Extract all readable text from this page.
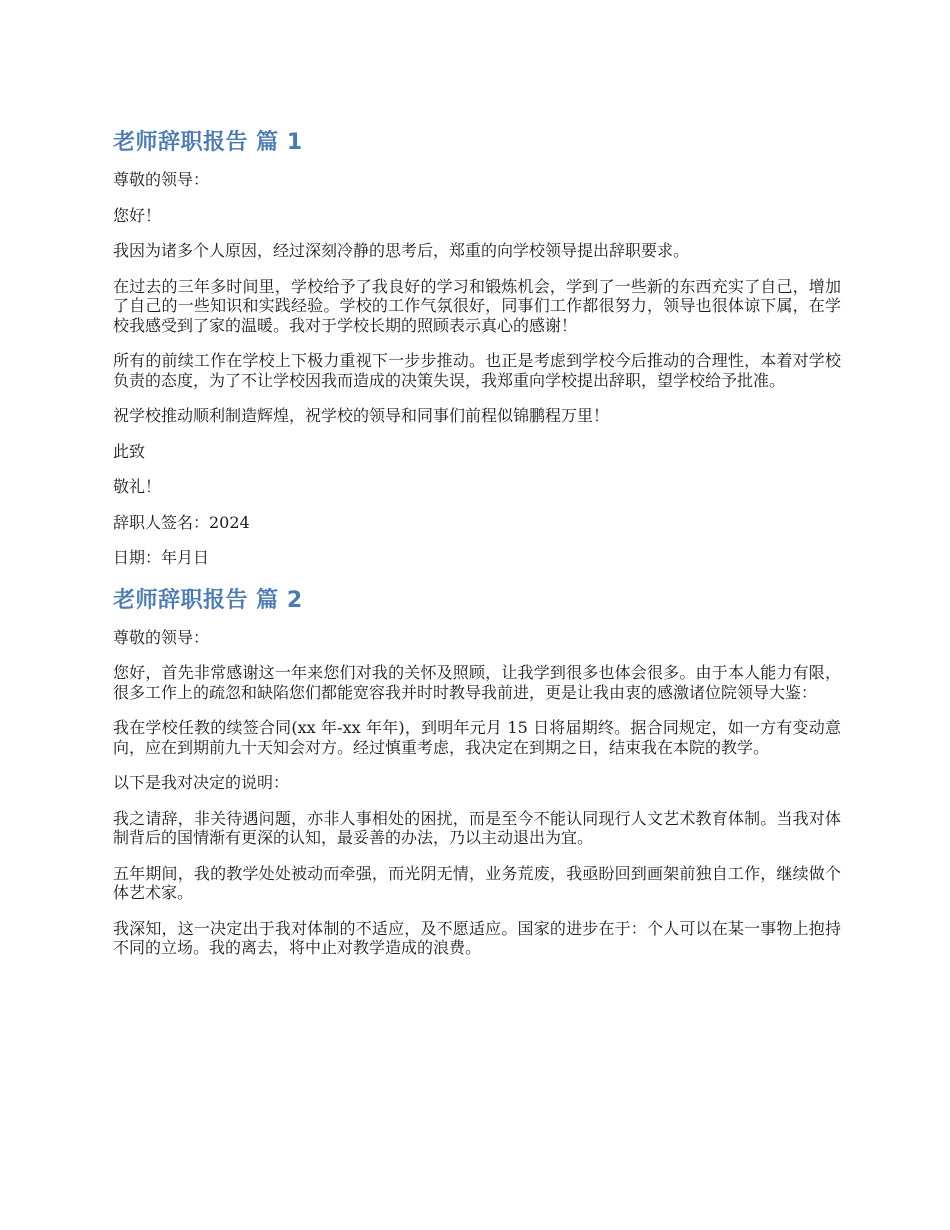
老师辞职报告 篇 1

尊敬的领导：

您好！

我因为诸多个人原因，经过深刻冷静的思考后，郑重的向学校领导提出辞职要求。

在过去的三年多时间里，学校给予了我良好的学习和锻炼机会，学到了一些新的东西充实了自己，增加了自己的一些知识和实践经验。学校的工作气氛很好，同事们工作都很努力，领导也很体谅下属，在学校我感受到了家的温暖。我对于学校长期的照顾表示真心的感谢！

所有的前续工作在学校上下极力重视下一步步推动。也正是考虑到学校今后推动的合理性，本着对学校负责的态度，为了不让学校因我而造成的决策失误，我郑重向学校提出辞职，望学校给予批准。

祝学校推动顺利制造辉煌，祝学校的领导和同事们前程似锦鹏程万里！

此致

敬礼！

辞职人签名：2024

日期：年月日

老师辞职报告 篇 2

尊敬的领导：

您好，首先非常感谢这一年来您们对我的关怀及照顾，让我学到很多也体会很多。由于本人能力有限，很多工作上的疏忽和缺陷您们都能宽容我并时时教导我前进，更是让我由衷的感激诸位院领导大鉴：

我在学校任教的续签合同(xx 年-xx 年年)，到明年元月 15 日将届期终。据合同规定，如一方有变动意向，应在到期前九十天知会对方。经过慎重考虑，我决定在到期之日，结束我在本院的教学。

以下是我对决定的说明：

我之请辞，非关待遇问题，亦非人事相处的困扰，而是至今不能认同现行人文艺术教育体制。当我对体制背后的国情渐有更深的认知，最妥善的办法，乃以主动退出为宜。

五年期间，我的教学处处被动而牵强，而光阴无情，业务荒废，我亟盼回到画架前独自工作，继续做个体艺术家。

我深知，这一决定出于我对体制的不适应，及不愿适应。国家的进步在于：个人可以在某一事物上抱持不同的立场。我的离去，将中止对教学造成的浪费。
